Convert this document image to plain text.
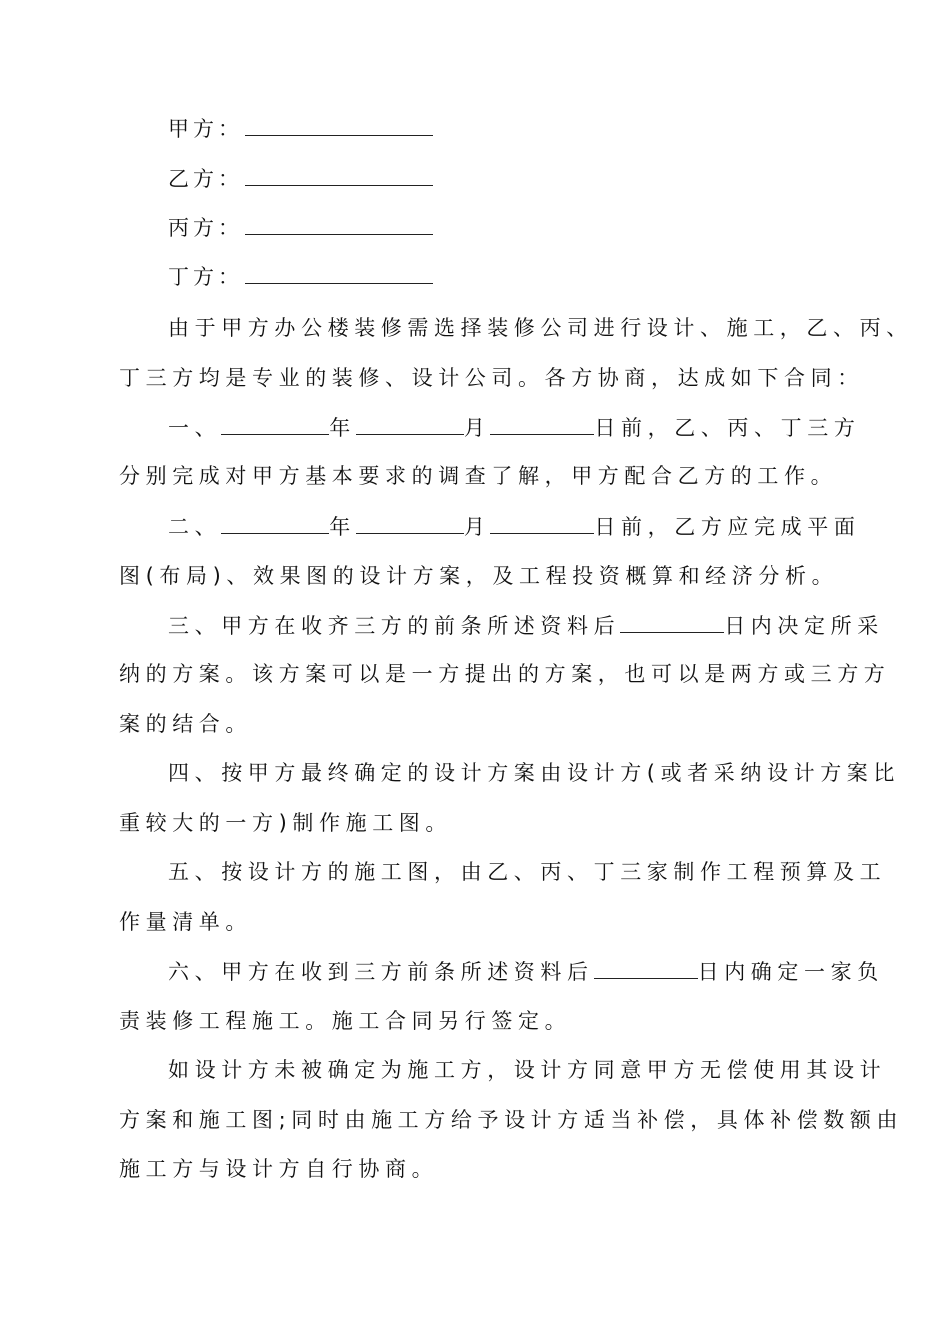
甲方：
乙方：
丙方：
丁方：
由于甲方办公楼装修需选择装修公司进行设计、施工，乙、丙、
丁三方均是专业的装修、设计公司。各方协商，达成如下合同：
一、	年	月	日前，乙、丙、丁三方
分别完成对甲方基本要求的调查了解，甲方配合乙方的工作。
二、	年	月	日前，乙方应完成平面
图(布局)、效果图的设计方案，及工程投资概算和经济分析。
三、甲方在收齐三方的前条所述资料后	日内决定所采
纳的方案。该方案可以是一方提出的方案，也可以是两方或三方方
案的结合。
四、按甲方最终确定的设计方案由设计方(或者采纳设计方案比
重较大的一方)制作施工图。
五、按设计方的施工图，由乙、丙、丁三家制作工程预算及工
作量清单。
六、甲方在收到三方前条所述资料后	日内确定一家负
责装修工程施工。施工合同另行签定。
如设计方未被确定为施工方，设计方同意甲方无偿使用其设计
方案和施工图;同时由施工方给予设计方适当补偿，具体补偿数额由
施工方与设计方自行协商。
